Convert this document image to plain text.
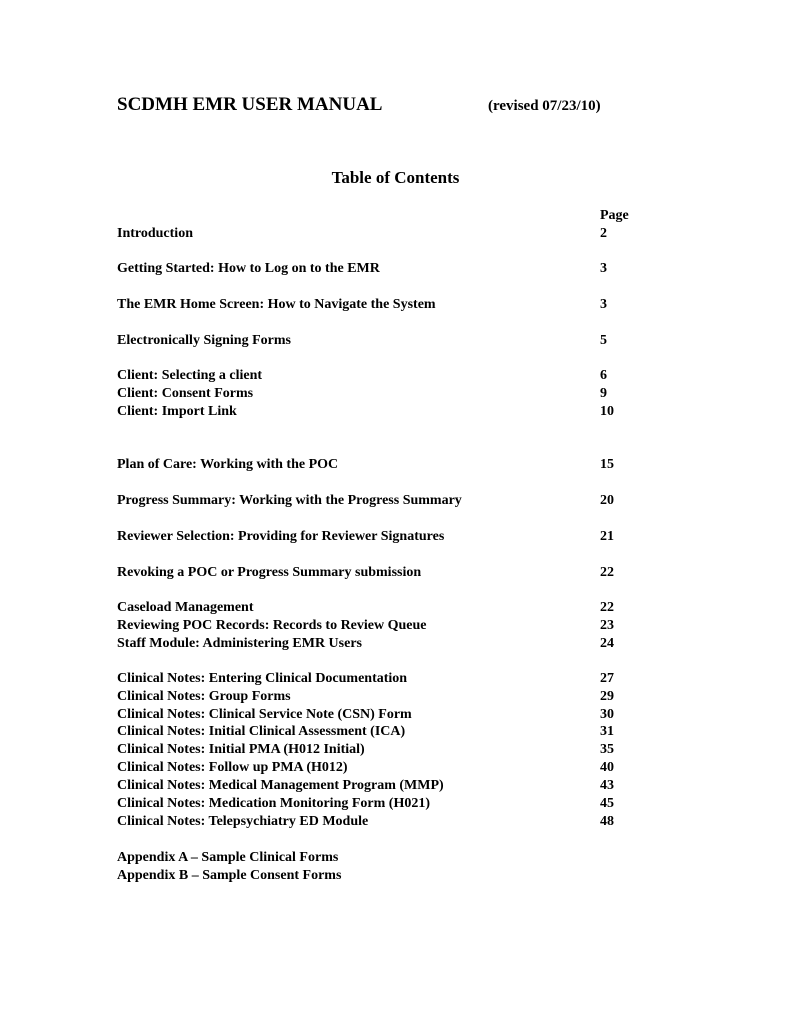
SCDMH EMR USER MANUAL	(revised 07/23/10)
Table of Contents
Page
Introduction	2
Getting Started: How to Log on to the EMR	3
The EMR Home Screen: How to Navigate the System	3
Electronically Signing Forms	5
Client: Selecting a client	6
Client: Consent Forms	9
Client: Import Link	10
Plan of Care: Working with the POC	15
Progress Summary: Working with the Progress Summary	20
Reviewer Selection: Providing for Reviewer Signatures	21
Revoking a POC or Progress Summary submission	22
Caseload Management	22
Reviewing POC Records: Records to Review Queue	23
Staff Module: Administering EMR Users	24
Clinical Notes: Entering Clinical Documentation	27
Clinical Notes: Group Forms	29
Clinical Notes: Clinical Service Note (CSN) Form	30
Clinical Notes: Initial Clinical Assessment (ICA)	31
Clinical Notes: Initial PMA (H012 Initial)	35
Clinical Notes: Follow up PMA (H012)	40
Clinical Notes: Medical Management Program (MMP)	43
Clinical Notes: Medication Monitoring Form (H021)	45
Clinical Notes: Telepsychiatry ED Module	48
Appendix A – Sample Clinical Forms
Appendix B – Sample Consent Forms
